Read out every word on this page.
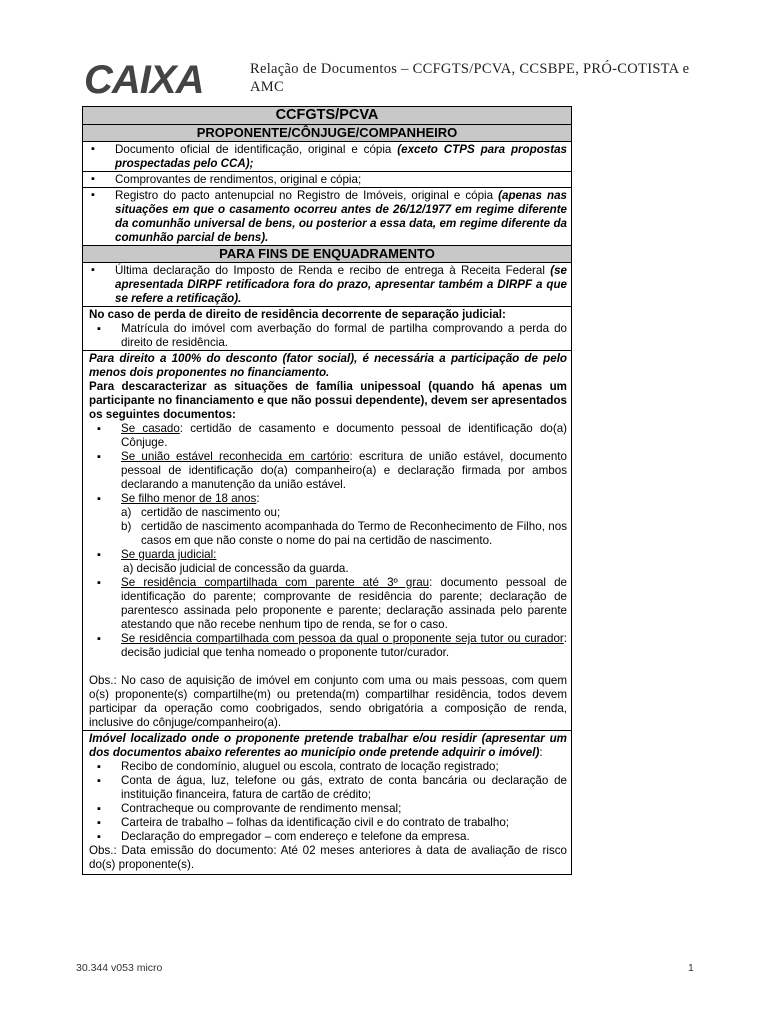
CAIXA	Relação de Documentos – CCFGTS/PCVA, CCSBPE, PRÓ-COTISTA e AMC
CCFGTS/PCVA
PROPONENTE/CÔNJUGE/COMPANHEIRO
▪ Documento oficial de identificação, original e cópia (exceto CTPS para propostas prospectadas pelo CCA);
▪ Comprovantes de rendimentos, original e cópia;
▪ Registro do pacto antenupcial no Registro de Imóveis, original e cópia (apenas nas situações em que o casamento ocorreu antes de 26/12/1977 em regime diferente da comunhão universal de bens, ou posterior a essa data, em regime diferente da comunhão parcial de bens).
PARA FINS DE ENQUADRAMENTO
▪ Última declaração do Imposto de Renda e recibo de entrega à Receita Federal (se apresentada DIRPF retificadora fora do prazo, apresentar também a DIRPF a que se refere a retificação).

No caso de perda de direito de residência decorrente de separação judicial:

▪ Matrícula do imóvel com averbação do formal de partilha comprovando a perda do direito de residência.

Para direito a 100% do desconto (fator social), é necessária a participação de pelo menos dois proponentes no financiamento.

Para descaracterizar as situações de família unipessoal (quando há apenas um participante no financiamento e que não possui dependente), devem ser apresentados os seguintes documentos:

▪ Se casado: certidão de casamento e documento pessoal de identificação do(a) Cônjuge.

▪ Se união estável reconhecida em cartório: escritura de união estável, documento pessoal de identificação do(a) companheiro(a) e declaração firmada por ambos declarando a manutenção da união estável.

▪ Se filho menor de 18 anos:

a) certidão de nascimento ou;

b) certidão de nascimento acompanhada do Termo de Reconhecimento de Filho, nos casos em que não conste o nome do pai na certidão de nascimento.

▪ Se guarda judicial:

a) decisão judicial de concessão da guarda.

▪ Se residência compartilhada com parente até 3º grau: documento pessoal de identificação do parente; comprovante de residência do parente; declaração de parentesco assinada pelo proponente e parente; declaração assinada pelo parente atestando que não recebe nenhum tipo de renda, se for o caso.

▪ Se residência compartilhada com pessoa da qual o proponente seja tutor ou curador: decisão judicial que tenha nomeado o proponente tutor/curador.

Obs.: No caso de aquisição de imóvel em conjunto com uma ou mais pessoas, com quem o(s) proponente(s) compartilhe(m) ou pretenda(m) compartilhar residência, todos devem participar da operação como coobrigados, sendo obrigatória a composição de renda, inclusive do cônjuge/companheiro(a).

Imóvel localizado onde o proponente pretende trabalhar e/ou residir (apresentar um dos documentos abaixo referentes ao município onde pretende adquirir o imóvel):

▪ Recibo de condomínio, aluguel ou escola, contrato de locação registrado;

▪ Conta de água, luz, telefone ou gás, extrato de conta bancária ou declaração de instituição financeira, fatura de cartão de crédito;

▪ Contracheque ou comprovante de rendimento mensal;

▪ Carteira de trabalho – folhas da identificação civil e do contrato de trabalho;

▪ Declaração do empregador – com endereço e telefone da empresa.

Obs.: Data emissão do documento: Até 02 meses anteriores à data de avaliação de risco do(s) proponente(s).

30.344 v053 micro	1
